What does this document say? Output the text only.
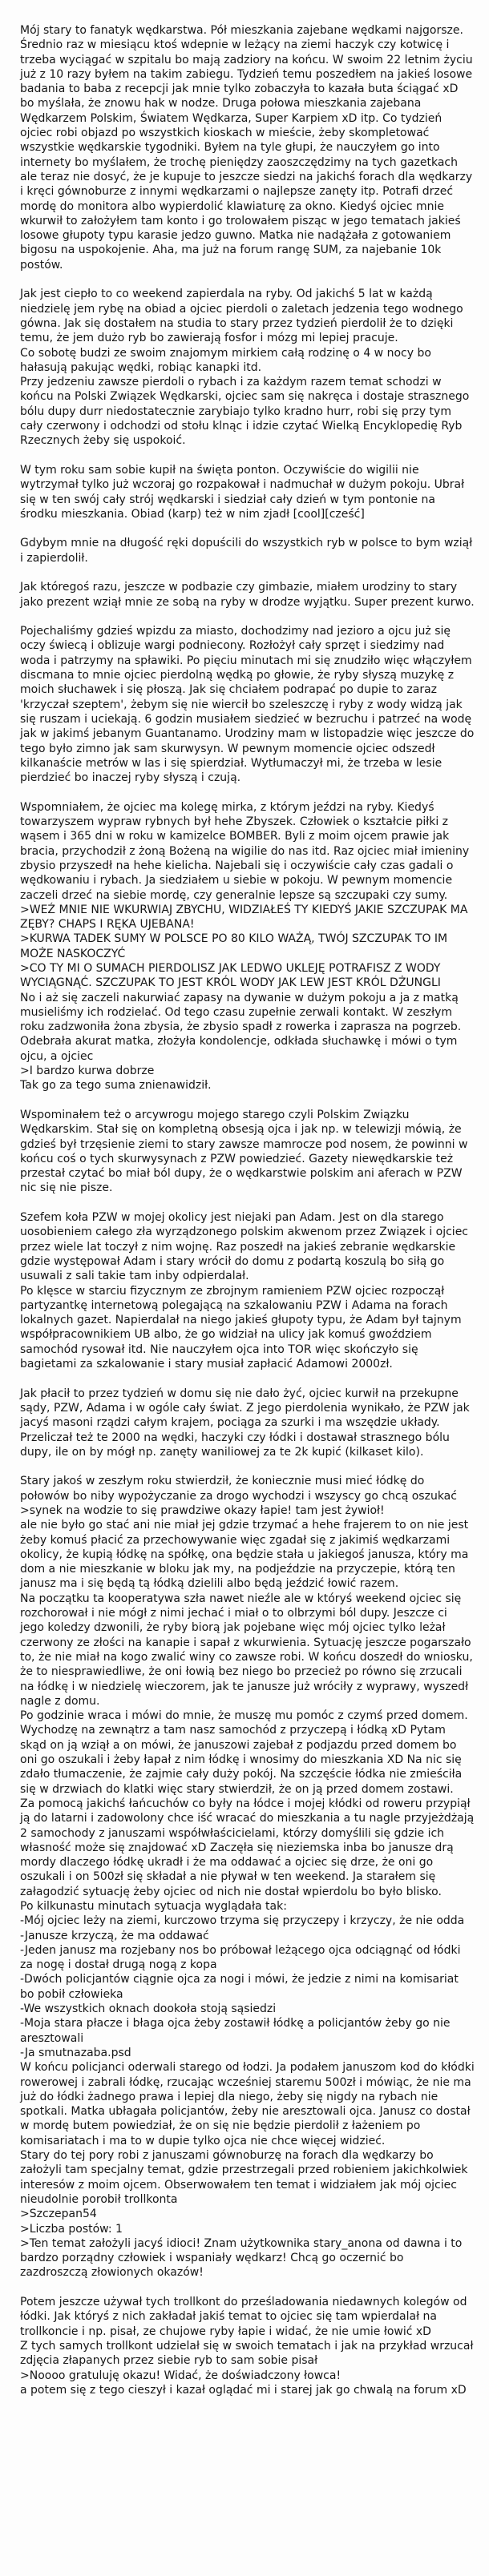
Mój stary to fanatyk wędkarstwa. Pół mieszkania zajebane wędkami najgorsze. Średnio raz w miesiącu ktoś wdepnie w leżący na ziemi haczyk czy kotwicę i trzeba wyciągać w szpitalu bo mają zadziory na końcu. W swoim 22 letnim życiu już z 10 razy byłem na takim zabiegu. Tydzień temu poszedłem na jakieś losowe badania to baba z recepcji jak mnie tylko zobaczyła to kazała buta ściągać xD bo myślała, że znowu hak w nodze. Druga połowa mieszkania zajebana Wędkarzem Polskim, Światem Wędkarza, Super Karpiem xD itp. Co tydzień ojciec robi objazd po wszystkich kioskach w mieście, żeby skompletować wszystkie wędkarskie tygodniki. Byłem na tyle głupi, że nauczyłem go into internety bo myślałem, że trochę pieniędzy zaoszczędzimy na tych gazetkach ale teraz nie dosyć, że je kupuje to jeszcze siedzi na jakichś forach dla wędkarzy i kręci gównoburze z innymi wędkarzami o najlepsze zanęty itp. Potrafi drzeć mordę do monitora albo wypierdolić klawiaturę za okno. Kiedyś ojciec mnie wkurwił to założyłem tam konto i go trolowałem pisząc w jego tematach jakieś losowe głupoty typu karasie jedzo guwno. Matka nie nadążała z gotowaniem bigosu na uspokojenie. Aha, ma już na forum rangę SUM, za najebanie 10k postów.
Jak jest ciepło to co weekend zapierdala na ryby. Od jakichś 5 lat w każdą niedzielę jem rybę na obiad a ojciec pierdoli o zaletach jedzenia tego wodnego gówna. Jak się dostałem na studia to stary przez tydzień pierdolił że to dzięki temu, że jem dużo ryb bo zawierają fosfor i mózg mi lepiej pracuje.
Co sobotę budzi ze swoim znajomym mirkiem całą rodzinę o 4 w nocy bo hałasują pakując wędki, robiąc kanapki itd.
Przy jedzeniu zawsze pierdoli o rybach i za każdym razem temat schodzi w końcu na Polski Związek Wędkarski, ojciec sam się nakręca i dostaje strasznego bólu dupy durr niedostatecznie zarybiajo tylko kradno hurr, robi się przy tym cały czerwony i odchodzi od stołu klnąc i idzie czytać Wielką Encyklopedię Ryb Rzecznych żeby się uspokoić.
W tym roku sam sobie kupił na święta ponton. Oczywiście do wigilii nie wytrzymał tylko już wczoraj go rozpakował i nadmuchał w dużym pokoju. Ubrał się w ten swój cały strój wędkarski i siedział cały dzień w tym pontonie na środku mieszkania. Obiad (karp) też w nim zjadł [cool][cześć]
Gdybym mnie na długość ręki dopuścili do wszystkich ryb w polsce to bym wziął i zapierdolił.
Jak któregoś razu, jeszcze w podbazie czy gimbazie, miałem urodziny to stary jako prezent wziął mnie ze sobą na ryby w drodze wyjątku. Super prezent kurwo.
Pojechaliśmy gdzieś wpizdu za miasto, dochodzimy nad jezioro a ojcu już się oczy świecą i oblizuje wargi podniecony. Rozłożył cały sprzęt i siedzimy nad woda i patrzymy na spławiki. Po pięciu minutach mi się znudziło więc włączyłem discmana to mnie ojciec pierdolną wędką po głowie, że ryby słyszą muzykę z moich słuchawek i się płoszą. Jak się chciałem podrapać po dupie to zaraz 'krzyczał szeptem', żebym się nie wiercił bo szeleszczę i ryby z wody widzą jak się ruszam i uciekają. 6 godzin musiałem siedzieć w bezruchu i patrzeć na wodę jak w jakimś jebanym Guantanamo. Urodziny mam w listopadzie więc jeszcze do tego było zimno jak sam skurwysyn. W pewnym momencie ojciec odszedł kilkanaście metrów w las i się spierdział. Wytłumaczył mi, że trzeba w lesie pierdzieć bo inaczej ryby słyszą i czują.
Wspomniałem, że ojciec ma kolegę mirka, z którym jeździ na ryby. Kiedyś towarzyszem wypraw rybnych był hehe Zbyszek. Człowiek o kształcie piłki z wąsem i 365 dni w roku w kamizelce BOMBER. Byli z moim ojcem prawie jak bracia, przychodził z żoną Bożeną na wigilie do nas itd. Raz ojciec miał imieniny zbysio przyszedł na hehe kielicha. Najebali się i oczywiście cały czas gadali o wędkowaniu i rybach. Ja siedziałem u siebie w pokoju. W pewnym momencie zaczeli drzeć na siebie mordę, czy generalnie lepsze są szczupaki czy sumy.
>WEŹ MNIE NIE WKURWIAJ ZBYCHU, WIDZIAŁEŚ TY KIEDYŚ JAKIE SZCZUPAK MA ZĘBY? CHAPS I RĘKA UJEBANA!
>KURWA TADEK SUMY W POLSCE PO 80 KILO WAŻĄ, TWÓJ SZCZUPAK TO IM MOŻE NASKOCZYĆ
>CO TY MI O SUMACH PIERDOLISZ JAK LEDWO UKLEJĘ POTRAFISZ Z WODY WYCIĄGNĄĆ. SZCZUPAK TO JEST KRÓL WODY JAK LEW JEST KRÓL DŻUNGLI
No i aż się zaczeli nakurwiać zapasy na dywanie w dużym pokoju a ja z matką musieliśmy ich rodzielać. Od tego czasu zupełnie zerwali kontakt. W zeszłym roku zadzwoniła żona zbysia, że zbysio spadł z rowerka i zaprasza na pogrzeb. Odebrała akurat matka, złożyła kondolencje, odkłada słuchawkę i mówi o tym ojcu, a ojciec
>I bardzo kurwa dobrze
Tak go za tego suma znienawidził.
Wspominałem też o arcywrogu mojego starego czyli Polskim Związku Wędkarskim. Stał się on kompletną obsesją ojca i jak np. w telewizji mówią, że gdzieś był trzęsienie ziemi to stary zawsze mamrocze pod nosem, że powinni w końcu coś o tych skurwysynach z PZW powiedzieć. Gazety niewędkarskie też przestał czytać bo miał ból dupy, że o wędkarstwie polskim ani aferach w PZW nic się nie pisze.
Szefem koła PZW w mojej okolicy jest niejaki pan Adam. Jest on dla starego uosobieniem całego zła wyrządzonego polskim akwenom przez Związek i ojciec przez wiele lat toczył z nim wojnę. Raz poszedł na jakieś zebranie wędkarskie gdzie występował Adam i stary wrócił do domu z podartą koszulą bo siłą go usuwali z sali takie tam inby odpierdalał.
Po klęsce w starciu fizycznym ze zbrojnym ramieniem PZW ojciec rozpoczął partyzantkę internetową polegającą na szkalowaniu PZW i Adama na forach lokalnych gazet. Napierdalał na niego jakieś głupoty typu, że Adam był tajnym współpracownikiem UB albo, że go widział na ulicy jak komuś gwoździem samochód rysował itd. Nie nauczyłem ojca into TOR więc skończyło się bagietami za szkalowanie i stary musiał zapłacić Adamowi 2000zł.
Jak płacił to przez tydzień w domu się nie dało żyć, ojciec kurwił na przekupne sądy, PZW, Adama i w ogóle cały świat. Z jego pierdolenia wynikało, że PZW jak jacyś masoni rządzi całym krajem, pociąga za szurki i ma wszędzie układy. Przeliczał też te 2000 na wędki, haczyki czy łódki i dostawał strasznego bólu dupy, ile on by mógł np. zanęty waniliowej za te 2k kupić (kilkaset kilo).
Stary jakoś w zeszłym roku stwierdził, że koniecznie musi mieć łódkę do połowów bo niby wypożyczanie za drogo wychodzi i wszyscy go chcą oszukać
>synek na wodzie to się prawdziwe okazy łapie! tam jest żywioł!
ale nie było go stać ani nie miał jej gdzie trzymać a hehe frajerem to on nie jest żeby komuś płacić za przechowywanie więc zgadał się z jakimiś wędkarzami okolicy, że kupią łódkę na spółkę, ona będzie stała u jakiegoś janusza, który ma dom a nie mieszkanie w bloku jak my, na podjeździe na przyczepie, którą ten janusz ma i się będą tą łódką dzielili albo będą jeździć łowić razem.
Na początku ta kooperatywa szła nawet nieźle ale w któryś weekend ojciec się rozchorował i nie mógł z nimi jechać i miał o to olbrzymi ból dupy. Jeszcze ci jego koledzy dzwonili, że ryby biorą jak pojebane więc mój ojciec tylko leżał czerwony ze złości na kanapie i sapał z wkurwienia. Sytuację jeszcze pogarszało to, że nie miał na kogo zwalić winy co zawsze robi. W końcu doszedł do wniosku, że to niesprawiedliwe, że oni łowią bez niego bo przecież po równo się zrzucali na łódkę i w niedzielę wieczorem, jak te janusze już wróciły z wyprawy, wyszedł nagle z domu.
Po godzinie wraca i mówi do mnie, że muszę mu pomóc z czymś przed domem. Wychodzę na zewnątrz a tam nasz samochód z przyczepą i łódką xD Pytam skąd on ją wziął a on mówi, że januszowi zajebał z podjazdu przed domem bo oni go oszukali i żeby łapał z nim łódkę i wnosimy do mieszkania XD Na nic się zdało tłumaczenie, że zajmie cały duży pokój. Na szczęście łódka nie zmieściła się w drzwiach do klatki więc stary stwierdził, że on ją przed domem zostawi.
Za pomocą jakichś łańcuchów co były na łódce i mojej kłódki od roweru przypiął ją do latarni i zadowolony chce iść wracać do mieszkania a tu nagle przyjeżdżają 2 samochody z januszami współwłaścicielami, którzy domyślili się gdzie ich własność może się znajdować xD Zaczęła się nieziemska inba bo janusze drą mordy dlaczego łódkę ukradł i że ma oddawać a ojciec się drze, że oni go oszukali i on 500zł się składał a nie pływał w ten weekend. Ja starałem się załagodzić sytuację żeby ojciec od nich nie dostał wpierdolu bo było blisko.
Po kilkunastu minutach sytuacja wyglądała tak:
-Mój ojciec leży na ziemi, kurczowo trzyma się przyczepy i krzyczy, że nie odda
-Janusze krzyczą, że ma oddawać
-Jeden janusz ma rozjebany nos bo próbował leżącego ojca odciągnąć od łódki za nogę i dostał drugą nogą z kopa
-Dwóch policjantów ciągnie ojca za nogi i mówi, że jedzie z nimi na komisariat bo pobił człowieka
-We wszystkich oknach dookoła stoją sąsiedzi
-Moja stara płacze i błaga ojca żeby zostawił łódkę a policjantów żeby go nie aresztowali
-Ja smutnazaba.psd
W końcu policjanci oderwali starego od łodzi. Ja podałem januszom kod do kłódki rowerowej i zabrali łódkę, rzucając wcześniej staremu 500zł i mówiąc, że nie ma już do łódki żadnego prawa i lepiej dla niego, żeby się nigdy na rybach nie spotkali. Matka ubłagała policjantów, żeby nie aresztowali ojca. Janusz co dostał w mordę butem powiedział, że on się nie będzie pierdolił z łażeniem po komisariatach i ma to w dupie tylko ojca nie chce więcej widzieć.
Stary do tej pory robi z januszami gównoburzę na forach dla wędkarzy bo założyli tam specjalny temat, gdzie przestrzegali przed robieniem jakichkolwiek interesów z moim ojcem. Obserwowałem ten temat i widziałem jak mój ojciec nieudolnie porobił trollkonta
>Szczepan54
>Liczba postów: 1
>Ten temat założyli jacyś idioci! Znam użytkownika stary_anona od dawna i to bardzo porządny człowiek i wspaniały wędkarz! Chcą go oczernić bo zazdroszczą złowionych okazów!
Potem jeszcze używał tych trollkont do prześladowania niedawnych kolegów od łódki. Jak któryś z nich zakładał jakiś temat to ojciec się tam wpierdalał na trollkoncie i np. pisał, ze chujowe ryby łapie i widać, że nie umie łowić xD
Z tych samych trollkont udzielał się w swoich tematach i jak na przykład wrzucał zdjęcia złapanych przez siebie ryb to sam sobie pisał
>Noooo gratuluję okazu! Widać, że doświadczony łowca!
a potem się z tego cieszył i kazał oglądać mi i starej jak go chwalą na forum xD
